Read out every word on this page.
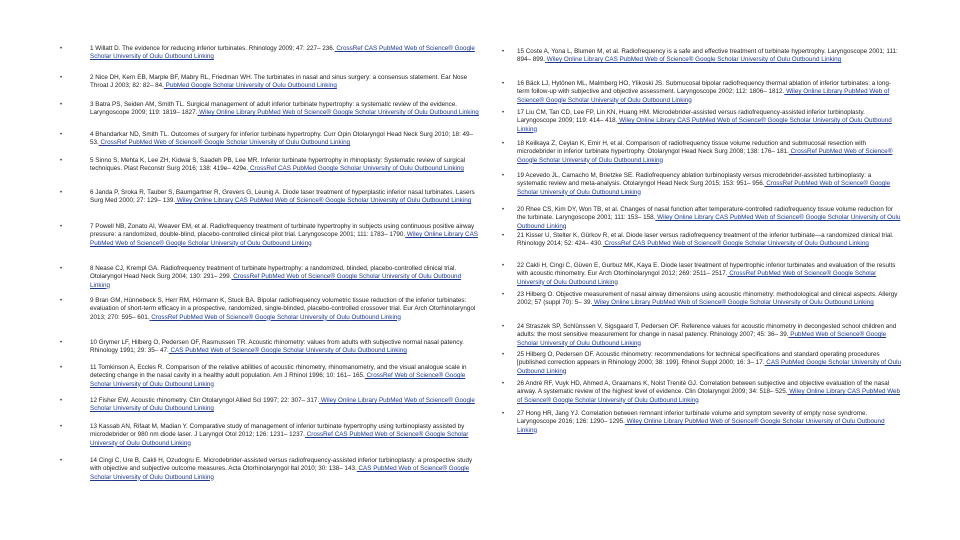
•	1 Willatt D. The evidence for reducing inferior turbinates. Rhinology 2009; 47: 227– 236. CrossRef CAS PubMed Web of Science® Google Scholar University of Oulu Outbound Linking
•	2 Nice DH, Kern EB, Marple BF, Mabry RL, Friedman WH. The turbinates in nasal and sinus surgery: a consensus statement. Ear Nose Throat J 2003; 82: 82– 84. PubMed Google Scholar University of Oulu Outbound Linking
•	3 Batra PS, Seiden AM, Smith TL. Surgical management of adult inferior turbinate hypertrophy: a systematic review of the evidence. Laryngoscope 2009; 119: 1819– 1827. Wiley Online Library PubMed Web of Science® Google Scholar University of Oulu Outbound Linking
•	4 Bhandarkar ND, Smith TL. Outcomes of surgery for inferior turbinate hypertrophy. Curr Opin Otolaryngol Head Neck Surg 2010; 18: 49– 53. CrossRef PubMed Web of Science® Google Scholar University of Oulu Outbound Linking
•	5 Sinno S, Mehta K, Lee ZH, Kidwai S, Saadeh PB, Lee MR. Inferior turbinate hypertrophy in rhinoplasty: Systematic review of surgical techniques. Plast Reconstr Surg 2016; 138: 419e– 429e. CrossRef CAS PubMed Google Scholar University of Oulu Outbound Linking
•	6 Janda P, Sroka R, Tauber S, Baumgartner R, Grevers G, Leunig A. Diode laser treatment of hyperplastic inferior nasal turbinates. Lasers Surg Med 2000; 27: 129– 139. Wiley Online Library CAS PubMed Web of Science® Google Scholar University of Oulu Outbound Linking
•	7 Powell NB, Zonato AI, Weaver EM, et al. Radiofrequency treatment of turbinate hypertrophy in subjects using continuous positive airway pressure: a randomized, double-blind, placebo-controlled clinical pilot trial. Laryngoscope 2001; 111: 1783– 1790. Wiley Online Library CASPubMed Web of Science® Google Scholar University of Oulu Outbound Linking
•	8 Nease CJ, Krempl GA. Radiofrequency treatment of turbinate hypertrophy: a randomized, blinded, placebo-controlled clinical trial. Otolaryngol Head Neck Surg 2004; 130: 291– 299. CrossRef PubMed Web of Science® Google Scholar University of Oulu Outbound Linking
•	9 Bran GM, Hünnebeck S, Herr RM, Hörmann K, Stuck BA. Bipolar radiofrequency volumetric tissue reduction of the inferior turbinates: evaluation of short-term efficacy in a prospective, randomized, single-blinded, placebo-controlled crossover trial. Eur Arch Otorhinolaryngol 2013; 270: 595– 601. CrossRef PubMed Web of Science® Google Scholar University of Oulu Outbound Linking
•	10 Grymer LF, Hilberg O, Pedersen OF, Rasmussen TR. Acoustic rhinometry: values from adults with subjective normal nasal patency. Rhinology 1991; 29: 35– 47. CAS PubMed Web of Science® Google Scholar University of Oulu Outbound Linking
•	11 Tomkinson A, Eccles R. Comparison of the relative abilities of acoustic rhinometry, rhinomanometry, and the visual analogue scale in detecting change in the nasal cavity in a healthy adult population. Am J Rhinol 1996; 10: 161– 165. CrossRef Web of Science® Google Scholar University of Oulu Outbound Linking
•	12 Fisher EW. Acoustic rhinometry. Clin Otolaryngol Allied Sci 1997; 22: 307– 317. Wiley Online Library PubMed Web of Science® Google Scholar University of Oulu Outbound Linking
•	13 Kassab AN, Rifaat M, Madian Y. Comparative study of management of inferior turbinate hypertrophy using turbinoplasty assisted by microdebrider or 980 nm diode laser. J Laryngol Otol 2012; 126: 1231– 1237. CrossRef CAS PubMed Web of Science® Google ScholarUniversity of Oulu Outbound Linking
•	14 Cingi C, Ure B, Cakli H, Ozudogru E. Microdebrider-assisted versus radiofrequency-assisted inferior turbinoplasty: a prospective study with objective and subjective outcome measures. Acta Otorhinolaryngol Ital 2010; 30: 138– 143. CAS PubMed Web of Science® Google Scholar University of Oulu Outbound Linking
• 15 Coste A, Yona L, Blumen M, et al. Radiofrequency is a safe and effective treatment of turbinate hypertrophy. Laryngoscope 2001; 111: 894– 899. Wiley Online Library CAS PubMed Web of Science® Google Scholar University of Oulu Outbound Linking
• 16 Bäck LJ, Hytönen ML, Malmberg HO, Ylikoski JS. Submucosal bipolar radiofrequency thermal ablation of inferior turbinates: a long-term follow-up with subjective and objective assessment. Laryngoscope 2002; 112: 1806– 1812. Wiley Online Library PubMed Web of Science® Google Scholar University of Oulu Outbound Linking
• 17 Liu CM, Tan CD, Lee FP, Lin KN, Huang HM. Microdebrider-assisted versus radiofrequency-assisted inferior turbinoplasty. Laryngoscope 2009; 119: 414– 418. Wiley Online Library CAS PubMed Web of Science® Google Scholar University of Oulu Outbound Linking
• 18 Keilkaya Z, Ceylan K, Emir H, et al. Comparison of radiofrequency tissue volume reduction and submucosal resection with microdebrider in inferior turbinate hypertrophy. Otolaryngol Head Neck Surg 2008; 138: 176– 181. CrossRef PubMed Web of Science®Google Scholar University of Oulu Outbound Linking
• 19 Acevedo JL, Camacho M, Brietzke SE. Radiofrequency ablation turbinoplasty versus microdebrider-assisted turbinoplasty: a systematic review and meta-analysis. Otolaryngol Head Neck Surg 2015; 153: 951– 956. CrossRef PubMed Web of Science® Google Scholar University of Oulu Outbound Linking
• 20 Rhee CS, Kim DY, Won TB, et al. Changes of nasal function after temperature-controlled radiofrequency tissue volume reduction for the turbinate. Laryngoscope 2001; 111: 153– 158. Wiley Online Library CAS PubMed Web of Science® Google Scholar University of OuluOutbound Linking
• 21 Kisser U, Stelter K, Gürkov R, et al. Diode laser versus radiofrequency treatment of the inferior turbinate—a randomized clinical trial. Rhinology 2014; 52: 424– 430. CrossRef CAS PubMed Web of Science® Google Scholar University of Oulu Outbound Linking
• 22 Cakli H, Cingi C, Güven E, Gurbuz MK, Kaya E. Diode laser treatment of hypertrophic inferior turbinates and evaluation of the results with acoustic rhinometry. Eur Arch Otorhinolaryngol 2012; 269: 2511– 2517. CrossRef PubMed Web of Science® Google ScholarUniversity of Oulu Outbound Linking
• 23 Hilberg O. Objective measurement of nasal airway dimensions using acoustic rhinometry: methodological and clinical aspects. Allergy 2002; 57 (suppl 70): 5– 39. Wiley Online Library PubMed Web of Science® Google Scholar University of Oulu Outbound Linking
• 24 Straszek SP, Schlünssen V, Sigsgaard T, Pedersen OF. Reference values for acoustic rhinometry in decongested school children and adults: the most sensitive measurement for change in nasal patency. Rhinology 2007; 45: 36– 39. PubMed Web of Science® Google Scholar University of Oulu Outbound Linking
• 25 Hilberg O, Pedersen OF. Acoustic rhinometry: recommendations for technical specifications and standard operating procedures [published correction appears in Rhinology 2000; 38: 199]. Rhinol Suppl 2000; 16: 3– 17. CAS PubMed Google Scholar University of OuluOutbound Linking
• 26 André RF, Vuyk HD, Ahmed A, Graamans K, Nolst Trenité GJ. Correlation between subjective and objective evaluation of the nasal airway. A systematic review of the highest level of evidence. Clin Otolaryngol 2009; 34: 518– 525. Wiley Online Library CAS PubMed Web of Science® Google Scholar University of Oulu Outbound Linking
• 27 Hong HR, Jang YJ. Correlation between remnant inferior turbinate volume and symptom severity of empty nose syndrome. Laryngoscope 2016; 126: 1290– 1295. Wiley Online Library PubMed Web of Science® Google Scholar University of Oulu Outbound Linking
